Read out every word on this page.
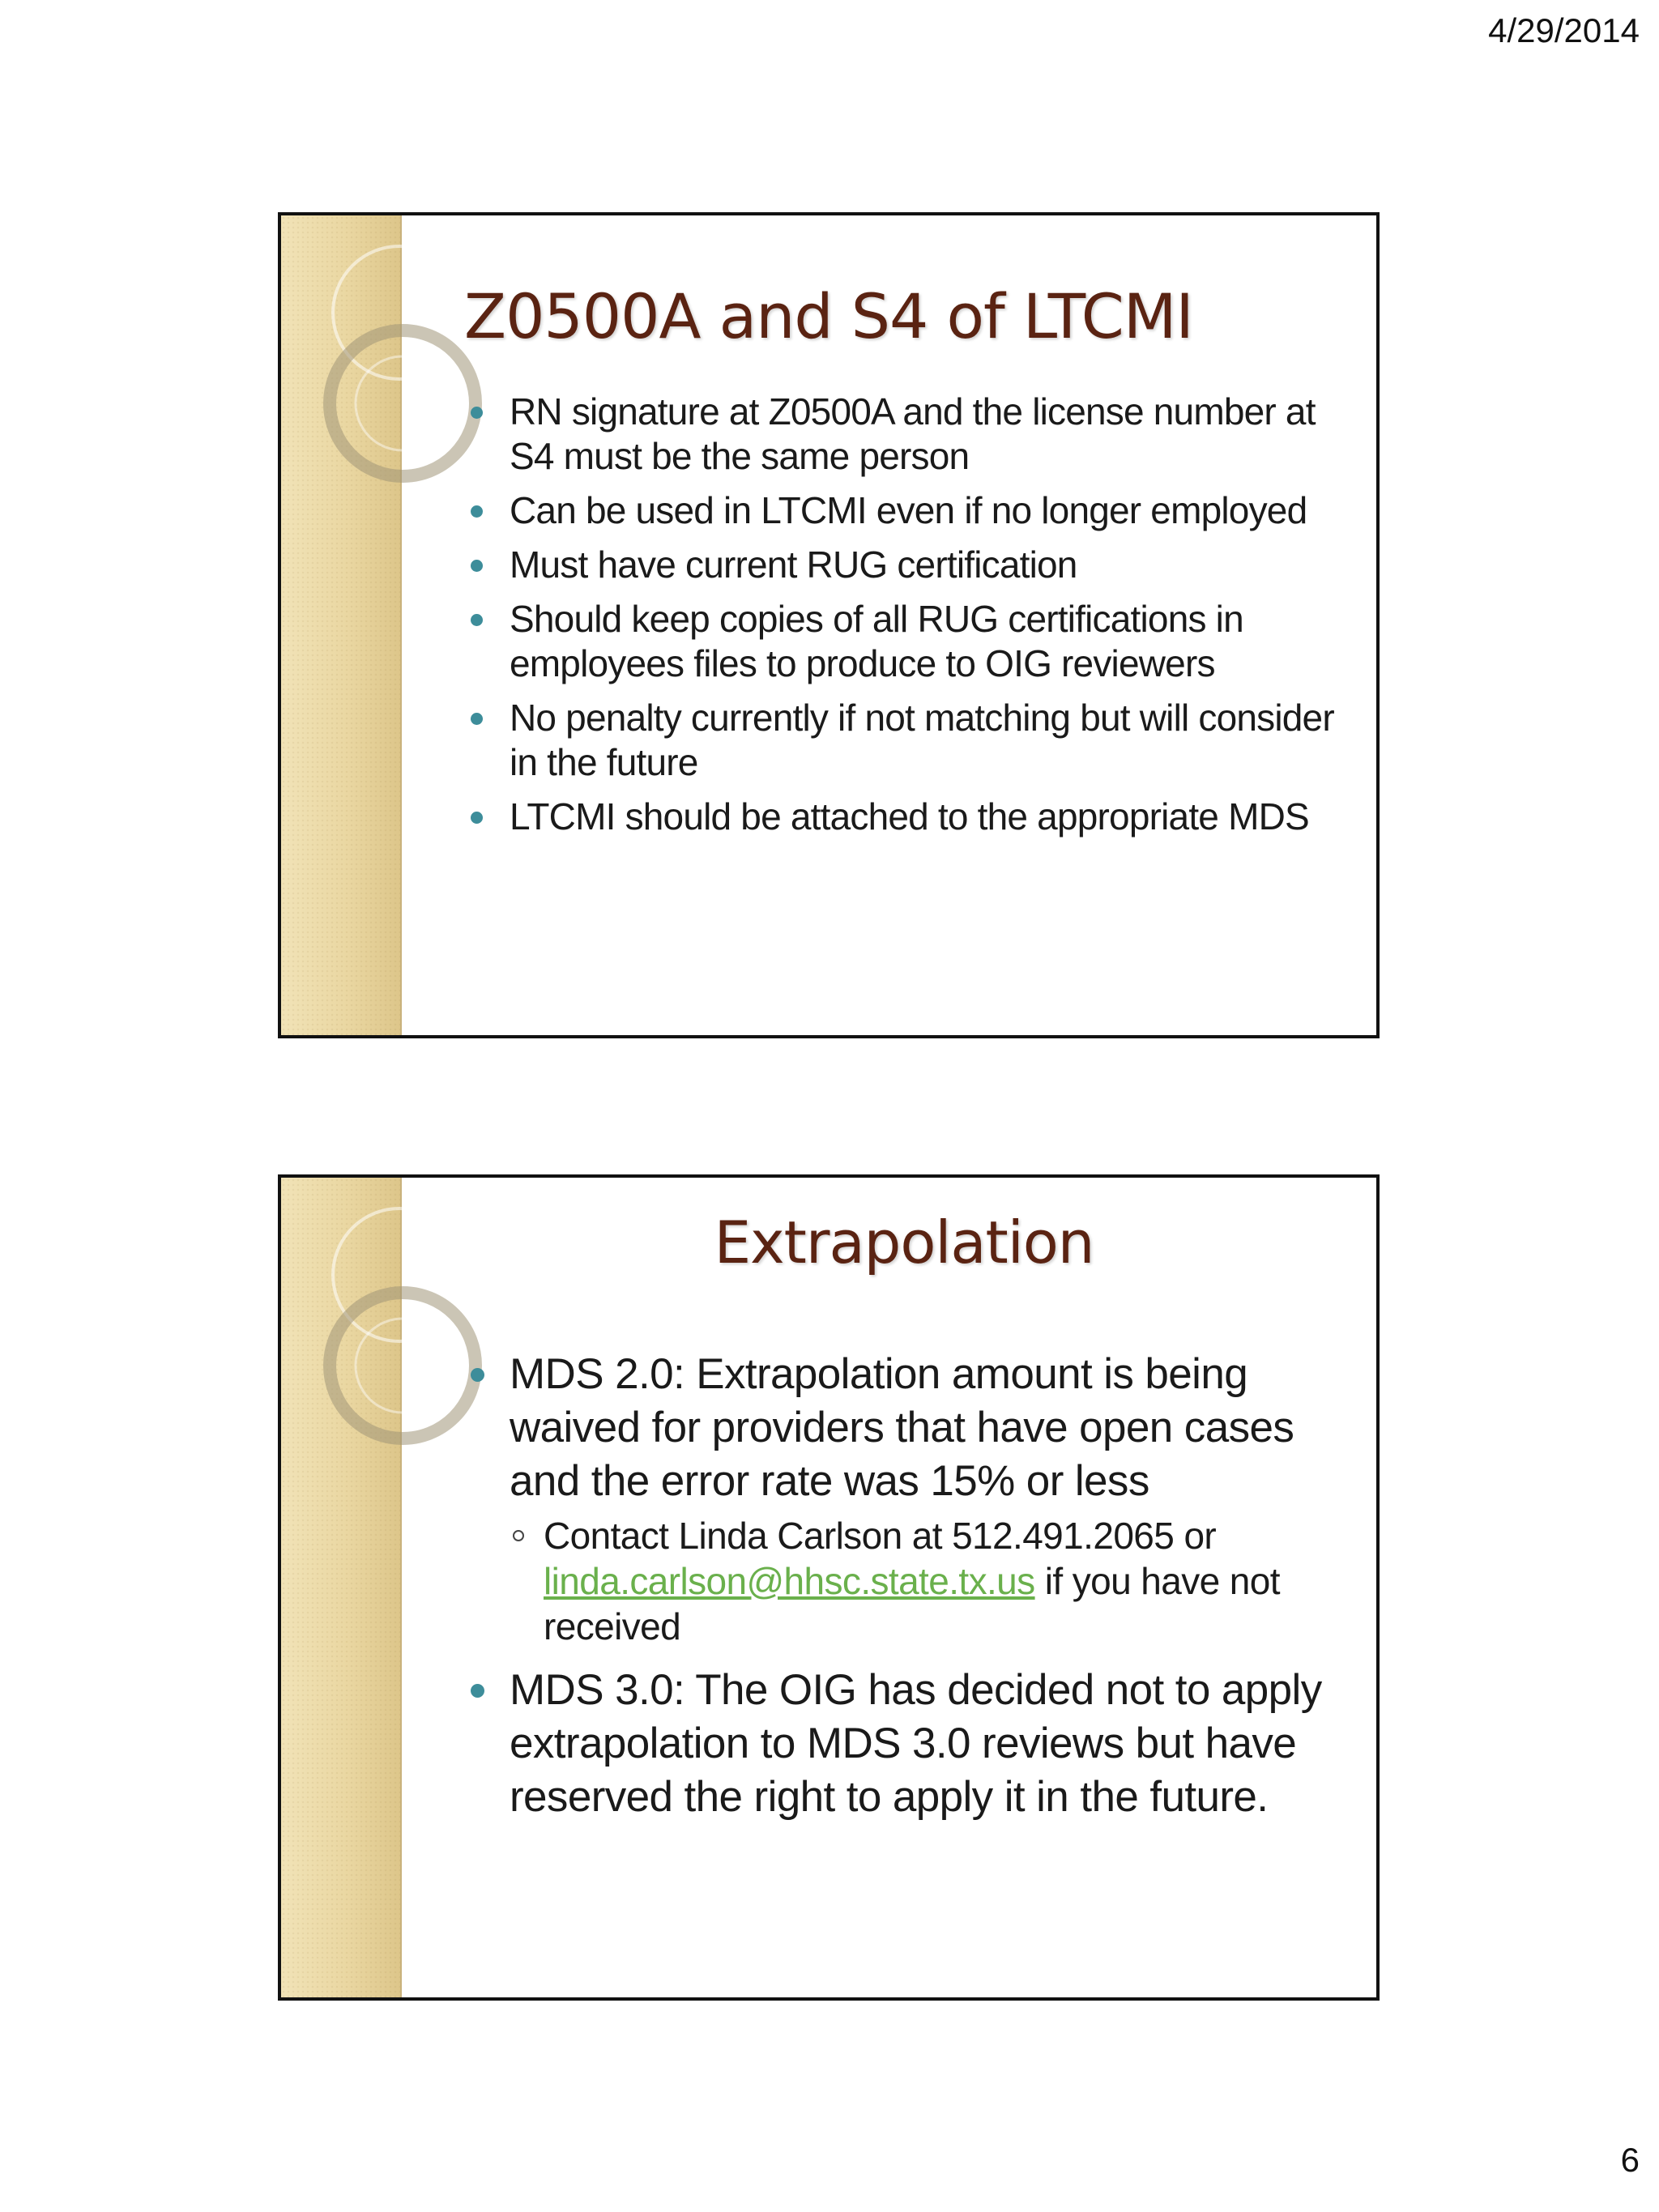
4/29/2014
Z0500A and S4 of LTCMI
RN signature at Z0500A and the license number at S4 must be the same person
Can be used in LTCMI even if no longer employed
Must have current RUG certification
Should keep copies of all RUG certifications in employees files to produce to OIG reviewers
No penalty currently if not matching but will consider in the future
LTCMI should be attached to the appropriate MDS
Extrapolation
MDS 2.0: Extrapolation amount is being waived for providers that have open cases and the error rate was 15% or less
Contact Linda Carlson at 512.491.2065 or linda.carlson@hhsc.state.tx.us if you have not received
MDS 3.0: The OIG has decided not to apply extrapolation to MDS 3.0 reviews but have reserved the right to apply it in the future.
6
